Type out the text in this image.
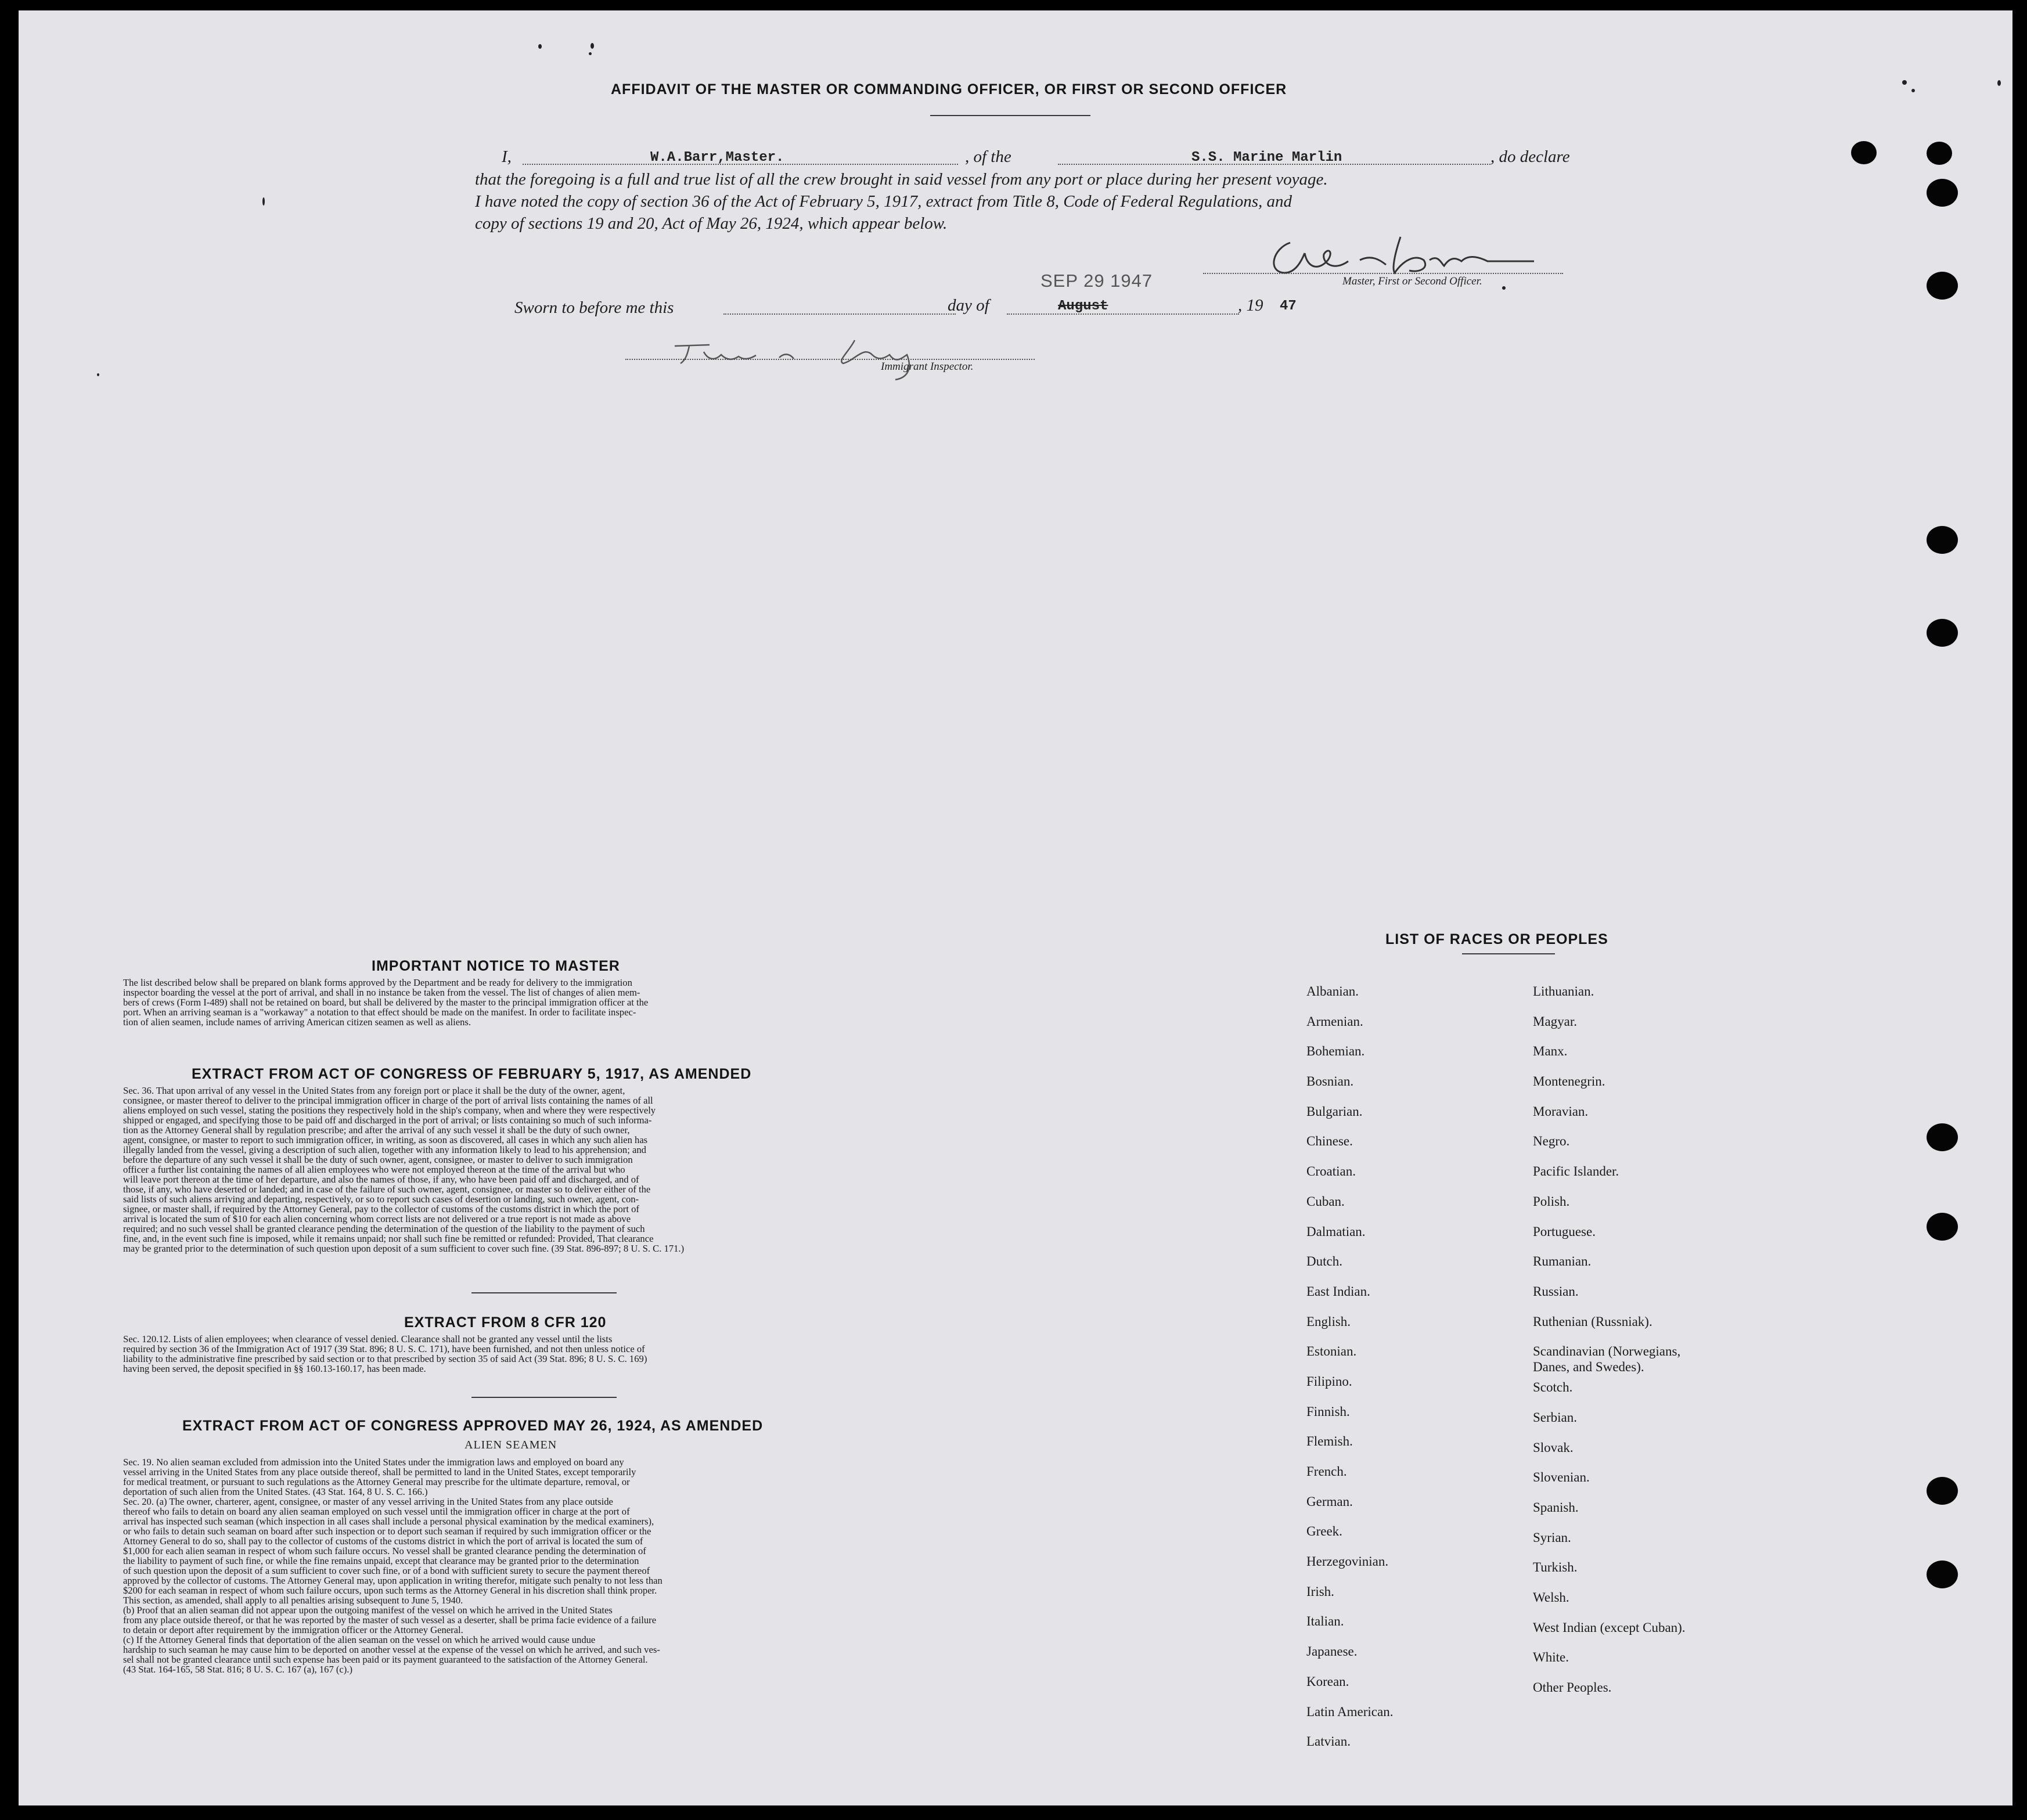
AFFIDAVIT OF THE MASTER OR COMMANDING OFFICER, OR FIRST OR SECOND OFFICER
I,	W.A.Barr,Master.	, of the	S.S. Marine Marlin	, do declare
that the foregoing is a full and true list of all the crew brought in said vessel from any port or place during her present voyage.
I have noted the copy of section 36 of the Act of February 5, 1917, extract from Title 8, Code of Federal Regulations, and
copy of sections 19 and 20, Act of May 26, 1924, which appear below.
Master, First or Second Officer.
Sworn to before me this	day of
SEP 29 1947
August	, 19 47
Immigrant Inspector.
IMPORTANT NOTICE TO MASTER
The list described below shall be prepared on blank forms approved by the Department and be ready for delivery to the immigration
inspector boarding the vessel at the port of arrival, and shall in no instance be taken from the vessel. The list of changes of alien mem-
bers of crews (Form I-489) shall not be retained on board, but shall be delivered by the master to the principal immigration officer at the
port. When an arriving seaman is a "workaway" a notation to that effect should be made on the manifest. In order to facilitate inspec-
tion of alien seamen, include names of arriving American citizen seamen as well as aliens.
EXTRACT FROM ACT OF CONGRESS OF FEBRUARY 5, 1917, AS AMENDED
Sec. 36. That upon arrival of any vessel in the United States from any foreign port or place it shall be the duty of the owner, agent,
consignee, or master thereof to deliver to the principal immigration officer in charge of the port of arrival lists containing the names of all
aliens employed on such vessel, stating the positions they respectively hold in the ship's company, when and where they were respectively
shipped or engaged, and specifying those to be paid off and discharged in the port of arrival; or lists containing so much of such informa-
tion as the Attorney General shall by regulation prescribe; and after the arrival of any such vessel it shall be the duty of such owner,
agent, consignee, or master to report to such immigration officer, in writing, as soon as discovered, all cases in which any such alien has
illegally landed from the vessel, giving a description of such alien, together with any information likely to lead to his apprehension; and
before the departure of any such vessel it shall be the duty of such owner, agent, consignee, or master to deliver to such immigration
officer a further list containing the names of all alien employees who were not employed thereon at the time of the arrival but who
will leave port thereon at the time of her departure, and also the names of those, if any, who have been paid off and discharged, and of
those, if any, who have deserted or landed; and in case of the failure of such owner, agent, consignee, or master so to deliver either of the
said lists of such aliens arriving and departing, respectively, or so to report such cases of desertion or landing, such owner, agent, con-
signee, or master shall, if required by the Attorney General, pay to the collector of customs of the customs district in which the port of
arrival is located the sum of $10 for each alien concerning whom correct lists are not delivered or a true report is not made as above
required; and no such vessel shall be granted clearance pending the determination of the question of the liability to the payment of such
fine, and, in the event such fine is imposed, while it remains unpaid; nor shall such fine be remitted or refunded: Provided, That clearance
may be granted prior to the determination of such question upon deposit of a sum sufficient to cover such fine. (39 Stat. 896-897; 8 U. S. C. 171.)
EXTRACT FROM 8 CFR 120
Sec. 120.12. Lists of alien employees; when clearance of vessel denied. Clearance shall not be granted any vessel until the lists
required by section 36 of the Immigration Act of 1917 (39 Stat. 896; 8 U. S. C. 171), have been furnished, and not then unless notice of
liability to the administrative fine prescribed by said section or to that prescribed by section 35 of said Act (39 Stat. 896; 8 U. S. C. 169)
having been served, the deposit specified in §§ 160.13-160.17, has been made.
EXTRACT FROM ACT OF CONGRESS APPROVED MAY 26, 1924, AS AMENDED
ALIEN SEAMEN
Sec. 19. No alien seaman excluded from admission into the United States under the immigration laws and employed on board any
vessel arriving in the United States from any place outside thereof, shall be permitted to land in the United States, except temporarily
for medical treatment, or pursuant to such regulations as the Attorney General may prescribe for the ultimate departure, removal, or
deportation of such alien from the United States. (43 Stat. 164, 8 U. S. C. 166.)
Sec. 20. (a) The owner, charterer, agent, consignee, or master of any vessel arriving in the United States from any place outside
thereof who fails to detain on board any alien seaman employed on such vessel until the immigration officer in charge at the port of
arrival has inspected such seaman (which inspection in all cases shall include a personal physical examination by the medical examiners),
or who fails to detain such seaman on board after such inspection or to deport such seaman if required by such immigration officer or the
Attorney General to do so, shall pay to the collector of customs of the customs district in which the port of arrival is located the sum of
$1,000 for each alien seaman in respect of whom such failure occurs. No vessel shall be granted clearance pending the determination of
the liability to payment of such fine, or while the fine remains unpaid, except that clearance may be granted prior to the determination
of such question upon the deposit of a sum sufficient to cover such fine, or of a bond with sufficient surety to secure the payment thereof
approved by the collector of customs. The Attorney General may, upon application in writing therefor, mitigate such penalty to not less than
$200 for each seaman in respect of whom such failure occurs, upon such terms as the Attorney General in his discretion shall think proper.
This section, as amended, shall apply to all penalties arising subsequent to June 5, 1940.
(b) Proof that an alien seaman did not appear upon the outgoing manifest of the vessel on which he arrived in the United States
from any place outside thereof, or that he was reported by the master of such vessel as a deserter, shall be prima facie evidence of a failure
to detain or deport after requirement by the immigration officer or the Attorney General.
(c) If the Attorney General finds that deportation of the alien seaman on the vessel on which he arrived would cause undue
hardship to such seaman he may cause him to be deported on another vessel at the expense of the vessel on which he arrived, and such ves-
sel shall not be granted clearance until such expense has been paid or its payment guaranteed to the satisfaction of the Attorney General.
(43 Stat. 164-165, 58 Stat. 816; 8 U. S. C. 167 (a), 167 (c).)
LIST OF RACES OR PEOPLES
Albanian.
Armenian.
Bohemian.
Bosnian.
Bulgarian.
Chinese.
Croatian.
Cuban.
Dalmatian.
Dutch.
East Indian.
English.
Estonian.
Filipino.
Finnish.
Flemish.
French.
German.
Greek.
Herzegovinian.
Irish.
Italian.
Japanese.
Korean.
Latin American.
Latvian.
Lithuanian.
Magyar.
Manx.
Montenegrin.
Moravian.
Negro.
Pacific Islander.
Polish.
Portuguese.
Rumanian.
Russian.
Ruthenian (Russniak).
Scandinavian (Norwegians,
Danes, and Swedes).
Scotch.
Serbian.
Slovak.
Slovenian.
Spanish.
Syrian.
Turkish.
Welsh.
West Indian (except Cuban).
White.
Other Peoples.
